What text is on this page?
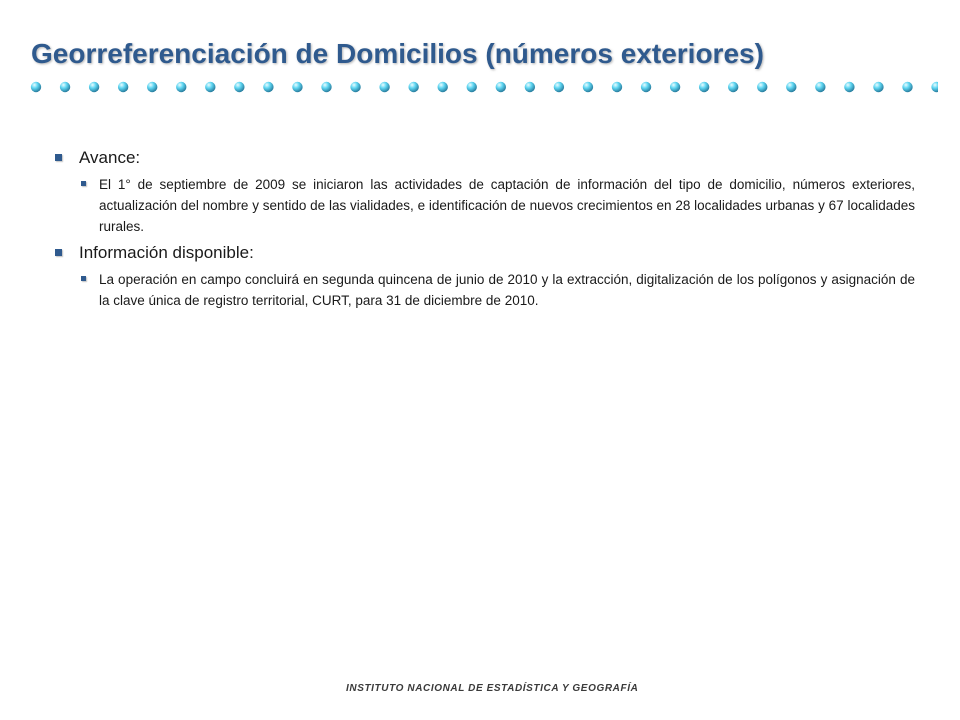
Georreferenciación de Domicilios (números exteriores)
Avance:
El 1° de septiembre de 2009 se iniciaron las actividades de captación de información del tipo de domicilio, números exteriores, actualización del nombre y sentido de las vialidades, e identificación de nuevos crecimientos en 28 localidades urbanas y 67 localidades rurales.
Información disponible:
La operación en campo concluirá en segunda quincena de junio de 2010 y la extracción, digitalización de los polígonos y asignación de la clave única de registro territorial, CURT, para 31 de diciembre de 2010.
INSTITUTO NACIONAL DE ESTADÍSTICA Y GEOGRAFÍA
